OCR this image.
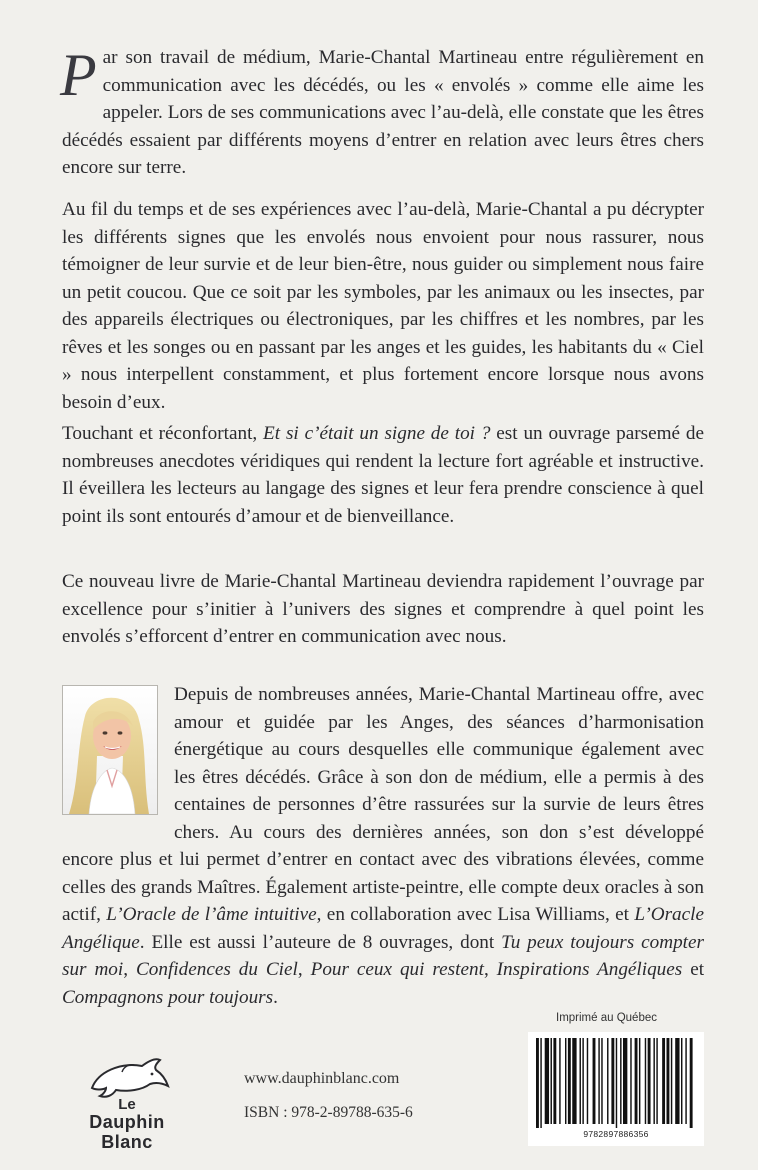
Par son travail de médium, Marie-Chantal Martineau entre régulièrement en communication avec les décédés, ou les « envolés » comme elle aime les appeler. Lors de ses communications avec l’au-delà, elle constate que les êtres décédés essaient par différents moyens d’entrer en relation avec leurs êtres chers encore sur terre.

Au fil du temps et de ses expériences avec l’au-delà, Marie-Chantal a pu décrypter les différents signes que les envolés nous envoient pour nous rassurer, nous témoigner de leur survie et de leur bien-être, nous guider ou simplement nous faire un petit coucou. Que ce soit par les symboles, par les animaux ou les insectes, par des appareils électriques ou électroniques, par les chiffres et les nombres, par les rêves et les songes ou en passant par les anges et les guides, les habitants du « Ciel » nous interpellent constamment, et plus fortement encore lorsque nous avons besoin d’eux.

Touchant et réconfortant, Et si c’était un signe de toi ? est un ouvrage parsemé de nombreuses anecdotes véridiques qui rendent la lecture fort agréable et instructive. Il éveillera les lecteurs au langage des signes et leur fera prendre conscience à quel point ils sont entourés d’amour et de bienveillance.

Ce nouveau livre de Marie-Chantal Martineau deviendra rapidement l’ouvrage par excellence pour s’initier à l’univers des signes et comprendre à quel point les envolés s’efforcent d’entrer en communication avec nous.

Depuis de nombreuses années, Marie-Chantal Martineau offre, avec amour et guidée par les Anges, des séances d’harmonisation énergétique au cours desquelles elle communique également avec les êtres décédés. Grâce à son don de médium, elle a permis à des centaines de personnes d’être rassurées sur la survie de leurs êtres chers. Au cours des dernières années, son don s’est développé encore plus et lui permet d’entrer en contact avec des vibrations élevées, comme celles des grands Maîtres. Également artiste-peintre, elle compte deux oracles à son actif, L’Oracle de l’âme intuitive, en collaboration avec Lisa Williams, et L’Oracle Angélique. Elle est aussi l’auteure de 8 ouvrages, dont Tu peux toujours compter sur moi, Confidences du Ciel, Pour ceux qui restent, Inspirations Angéliques et Compagnons pour toujours.

Imprimé au Québec
9782897886356
Le
Dauphin
Blanc
www.dauphinblanc.com
ISBN : 978-2-89788-635-6
